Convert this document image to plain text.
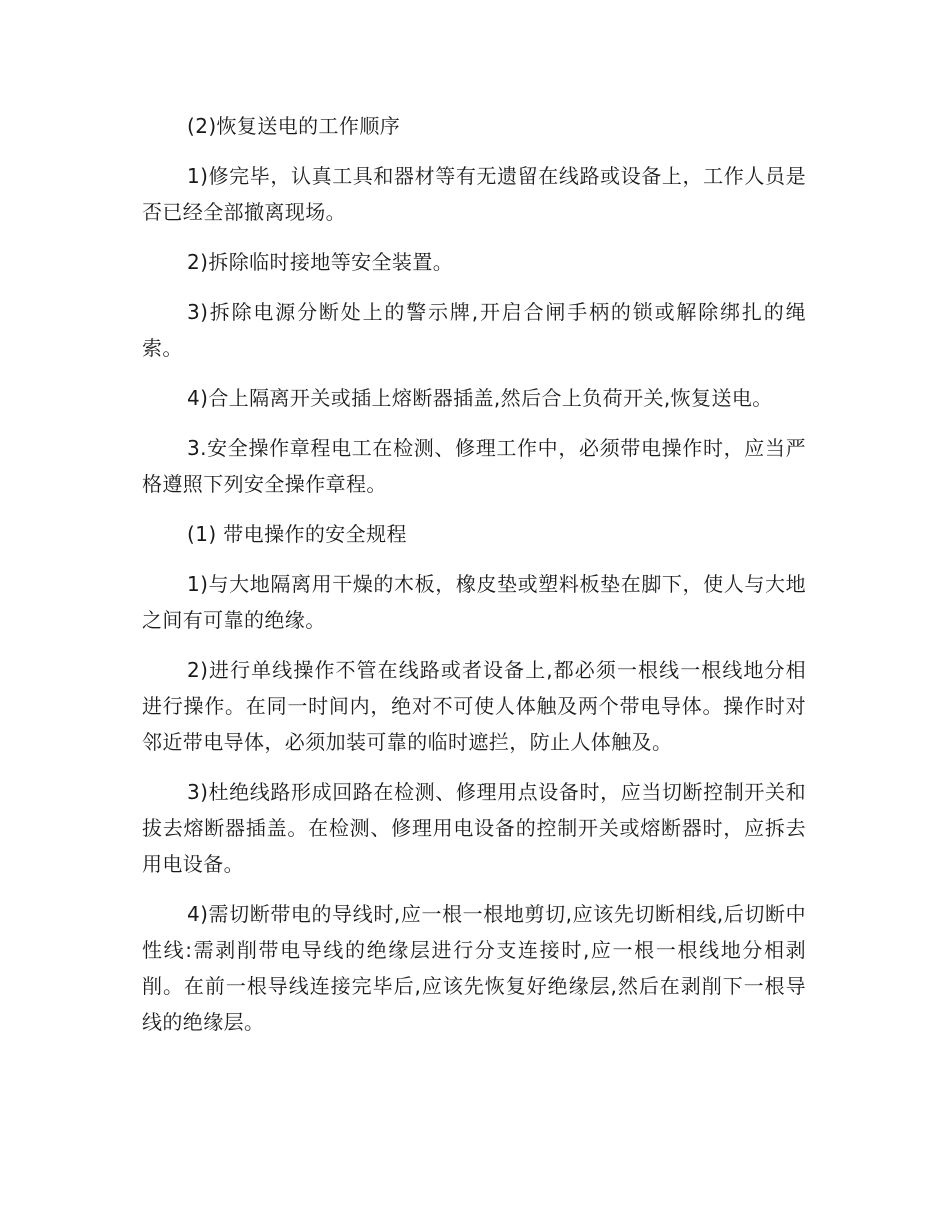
(2)恢复送电的工作顺序

1)修完毕，认真工具和器材等有无遗留在线路或设备上，工作人员是否已经全部撤离现场。

2)拆除临时接地等安全装置。

3)拆除电源分断处上的警示牌,开启合闸手柄的锁或解除绑扎的绳索。

4)合上隔离开关或插上熔断器插盖,然后合上负荷开关,恢复送电。

3.安全操作章程电工在检测、修理工作中，必须带电操作时，应当严格遵照下列安全操作章程。

(1) 带电操作的安全规程

1)与大地隔离用干燥的木板，橡皮垫或塑料板垫在脚下，使人与大地之间有可靠的绝缘。

2)进行单线操作不管在线路或者设备上,都必须一根线一根线地分相进行操作。在同一时间内，绝对不可使人体触及两个带电导体。操作时对邻近带电导体，必须加装可靠的临时遮拦，防止人体触及。

3)杜绝线路形成回路在检测、修理用点设备时，应当切断控制开关和拔去熔断器插盖。在检测、修理用电设备的控制开关或熔断器时，应拆去用电设备。

4)需切断带电的导线时,应一根一根地剪切,应该先切断相线,后切断中性线:需剥削带电导线的绝缘层进行分支连接时,应一根一根线地分相剥削。在前一根导线连接完毕后,应该先恢复好绝缘层,然后在剥削下一根导线的绝缘层。
